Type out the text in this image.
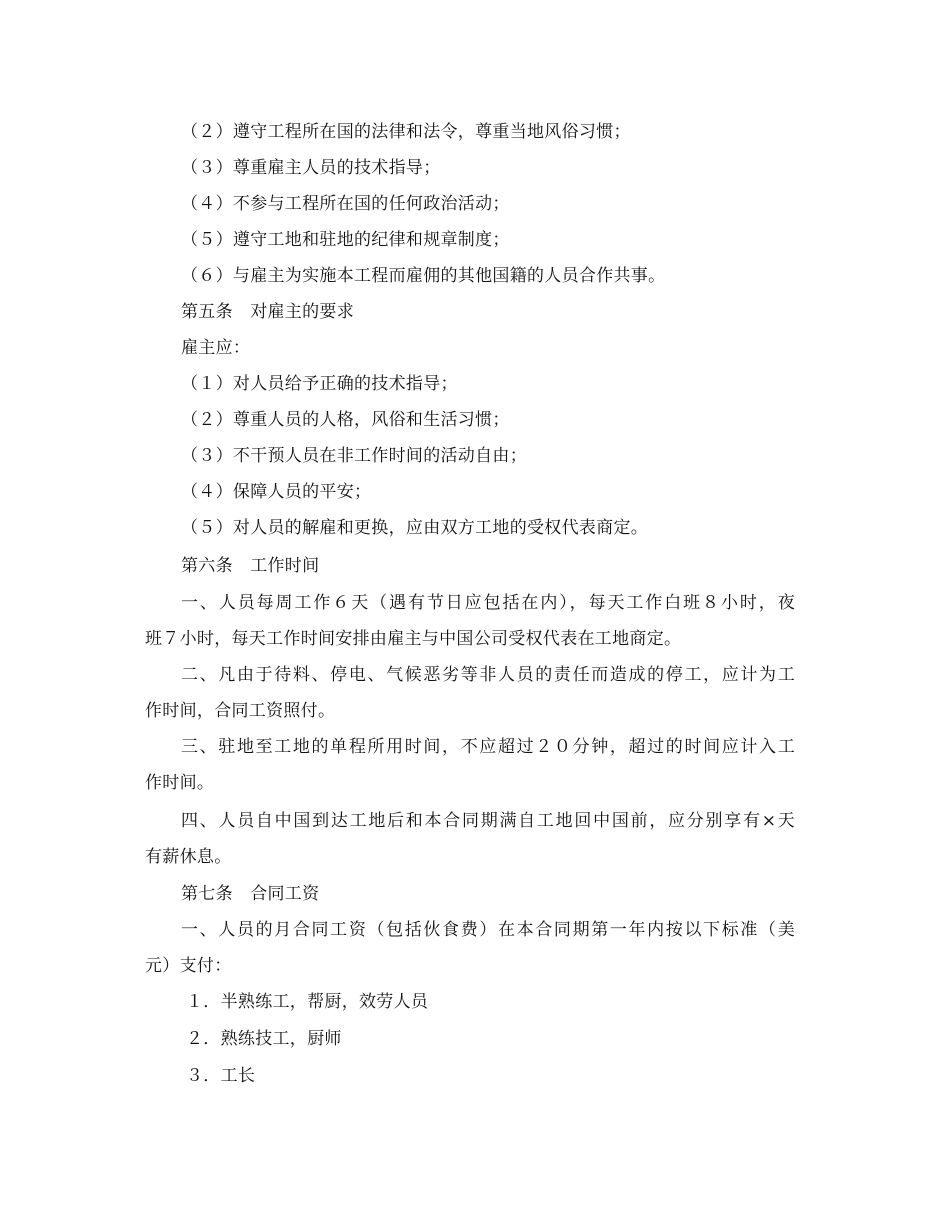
（２）遵守工程所在国的法律和法令，尊重当地风俗习惯；
（３）尊重雇主人员的技术指导；
（４）不参与工程所在国的任何政治活动；
（５）遵守工地和驻地的纪律和规章制度；
（６）与雇主为实施本工程而雇佣的其他国籍的人员合作共事。
第五条　对雇主的要求
雇主应：
（１）对人员给予正确的技术指导；
（２）尊重人员的人格，风俗和生活习惯；
（３）不干预人员在非工作时间的活动自由；
（４）保障人员的平安；
（５）对人员的解雇和更换，应由双方工地的受权代表商定。
第六条　工作时间
一、人员每周工作６天（遇有节日应包括在内），每天工作白班８小时，夜
班７小时，每天工作时间安排由雇主与中国公司受权代表在工地商定。
二、凡由于待料、停电、气候恶劣等非人员的责任而造成的停工，应计为工
作时间，合同工资照付。
三、驻地至工地的单程所用时间，不应超过２０分钟，超过的时间应计入工
作时间。
四、人员自中国到达工地后和本合同期满自工地回中国前，应分别享有×天
有薪休息。
第七条　合同工资
一、人员的月合同工资（包括伙食费）在本合同期第一年内按以下标准（美
元）支付：
１．半熟练工，帮厨，效劳人员
２．熟练技工，厨师
３．工长
